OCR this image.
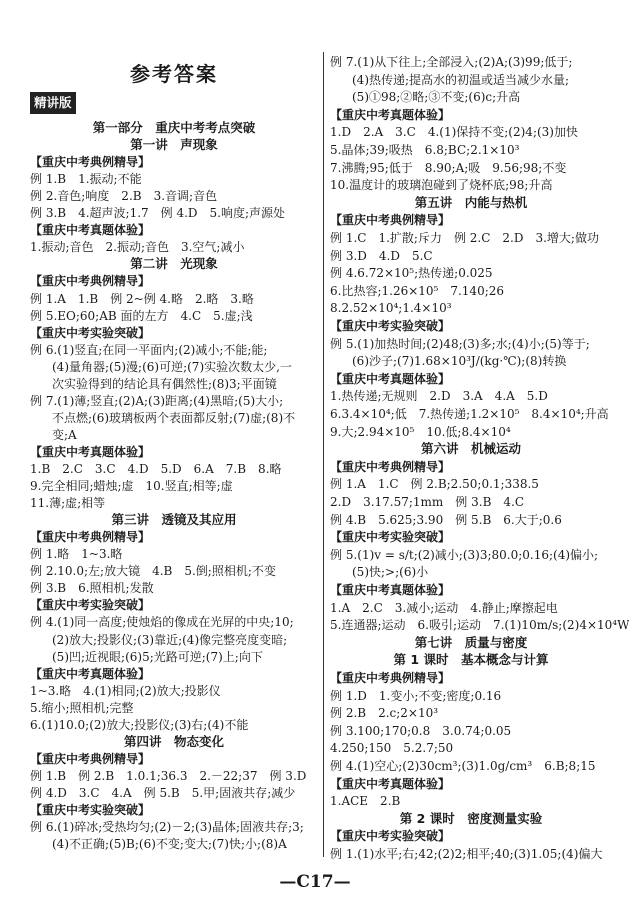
参考答案
精讲版
第一部分　重庆中考考点突破
第一讲　声现象
【重庆中考典例精导】
例 1.B　1.振动;不能
例 2.音色;响度　2.B　3.音调;音色
例 3.B　4.超声波;1.7　例 4.D　5.响度;声源处
【重庆中考真题体验】
1.振动;音色　2.振动;音色　3.空气;减小
第二讲　光现象
【重庆中考典例精导】
例 1.A　1.B　例 2~例 4.略　2.略　3.略
例 5.EO;60;AB 面的左方　4.C　5.虚;浅
【重庆中考实验突破】
例 6.(1)竖直;在同一平面内;(2)减小;不能;能;
(4)量角器;(5)漫;(6)可逆;(7)实验次数太少,一
次实验得到的结论具有偶然性;(8)3;平面镜
例 7.(1)薄;竖直;(2)A;(3)距离;(4)黑暗;(5)大小;
不点燃;(6)玻璃板两个表面都反射;(7)虚;(8)不
变;A
【重庆中考真题体验】
1.B　2.C　3.C　4.D　5.D　6.A　7.B　8.略
9.完全相同;蜡烛;虚　10.竖直;相等;虚
11.薄;虚;相等
第三讲　透镜及其应用
【重庆中考典例精导】
例 1.略　1~3.略
例 2.10.0;左;放大镜　4.B　5.倒;照相机;不变
例 3.B　6.照相机;发散
【重庆中考实验突破】
例 4.(1)同一高度;使烛焰的像成在光屏的中央;10;
(2)放大;投影仪;(3)靠近;(4)像完整亮度变暗;
(5)凹;近视眼;(6)5;光路可逆;(7)上;向下
【重庆中考真题体验】
1~3.略　4.(1)相同;(2)放大;投影仪
5.缩小;照相机;完整
6.(1)10.0;(2)放大;投影仪;(3)右;(4)不能
第四讲　物态变化
【重庆中考典例精导】
例 1.B　例 2.B　1.0.1;36.3　2.－22;37　例 3.D
例 4.D　3.C　4.A　例 5.B　5.甲;固液共存;减少
【重庆中考实验突破】
例 6.(1)碎冰;受热均匀;(2)－2;(3)晶体;固液共存;3;
(4)不正确;(5)B;(6)不变;变大;(7)快;小;(8)A
例 7.(1)从下往上;全部浸入;(2)A;(3)99;低于;
(4)热传递;提高水的初温或适当减少水量;
(5)①98;②略;③不变;(6)c;升高
【重庆中考真题体验】
1.D　2.A　3.C　4.(1)保持不变;(2)4;(3)加快
5.晶体;39;吸热　6.8;BC;2.1×10³
7.沸腾;95;低于　8.90;A;吸　9.56;98;不变
10.温度计的玻璃泡碰到了烧杯底;98;升高
第五讲　内能与热机
【重庆中考典例精导】
例 1.C　1.扩散;斥力　例 2.C　2.D　3.增大;做功
例 3.D　4.D　5.C
例 4.6.72×10⁵;热传递;0.025
6.比热容;1.26×10⁵　7.140;26
8.2.52×10⁴;1.4×10³
【重庆中考实验突破】
例 5.(1)加热时间;(2)48;(3)多;水;(4)小;(5)等于;
(6)沙子;(7)1.68×10³J/(kg·℃);(8)转换
【重庆中考真题体验】
1.热传递;无规则　2.D　3.A　4.A　5.D
6.3.4×10⁴;低　7.热传递;1.2×10⁵　8.4×10⁴;升高
9.大;2.94×10⁵　10.低;8.4×10⁴
第六讲　机械运动
【重庆中考典例精导】
例 1.A　1.C　例 2.B;2.50;0.1;338.5
2.D　3.17.57;1mm　例 3.B　4.C
例 4.B　5.625;3.90　例 5.B　6.大于;0.6
【重庆中考实验突破】
例 5.(1)v = s/t;(2)减小;(3)3;80.0;0.16;(4)偏小;
(5)快;>;(6)小
【重庆中考真题体验】
1.A　2.C　3.减小;运动　4.静止;摩擦起电
5.连通器;运动　6.吸引;运动　7.(1)10m/s;(2)4×10⁴W
第七讲　质量与密度
第 1 课时　基本概念与计算
【重庆中考典例精导】
例 1.D　1.变小;不变;密度;0.16
例 2.B　2.c;2×10³
例 3.100;170;0.8　3.0.74;0.05
4.250;150　5.2.7;50
例 4.(1)空心;(2)30cm³;(3)1.0g/cm³　6.B;8;15
【重庆中考真题体验】
1.ACE　2.B
第 2 课时　密度测量实验
【重庆中考实验突破】
例 1.(1)水平;右;42;(2)2;相平;40;(3)1.05;(4)偏大
—C17—
